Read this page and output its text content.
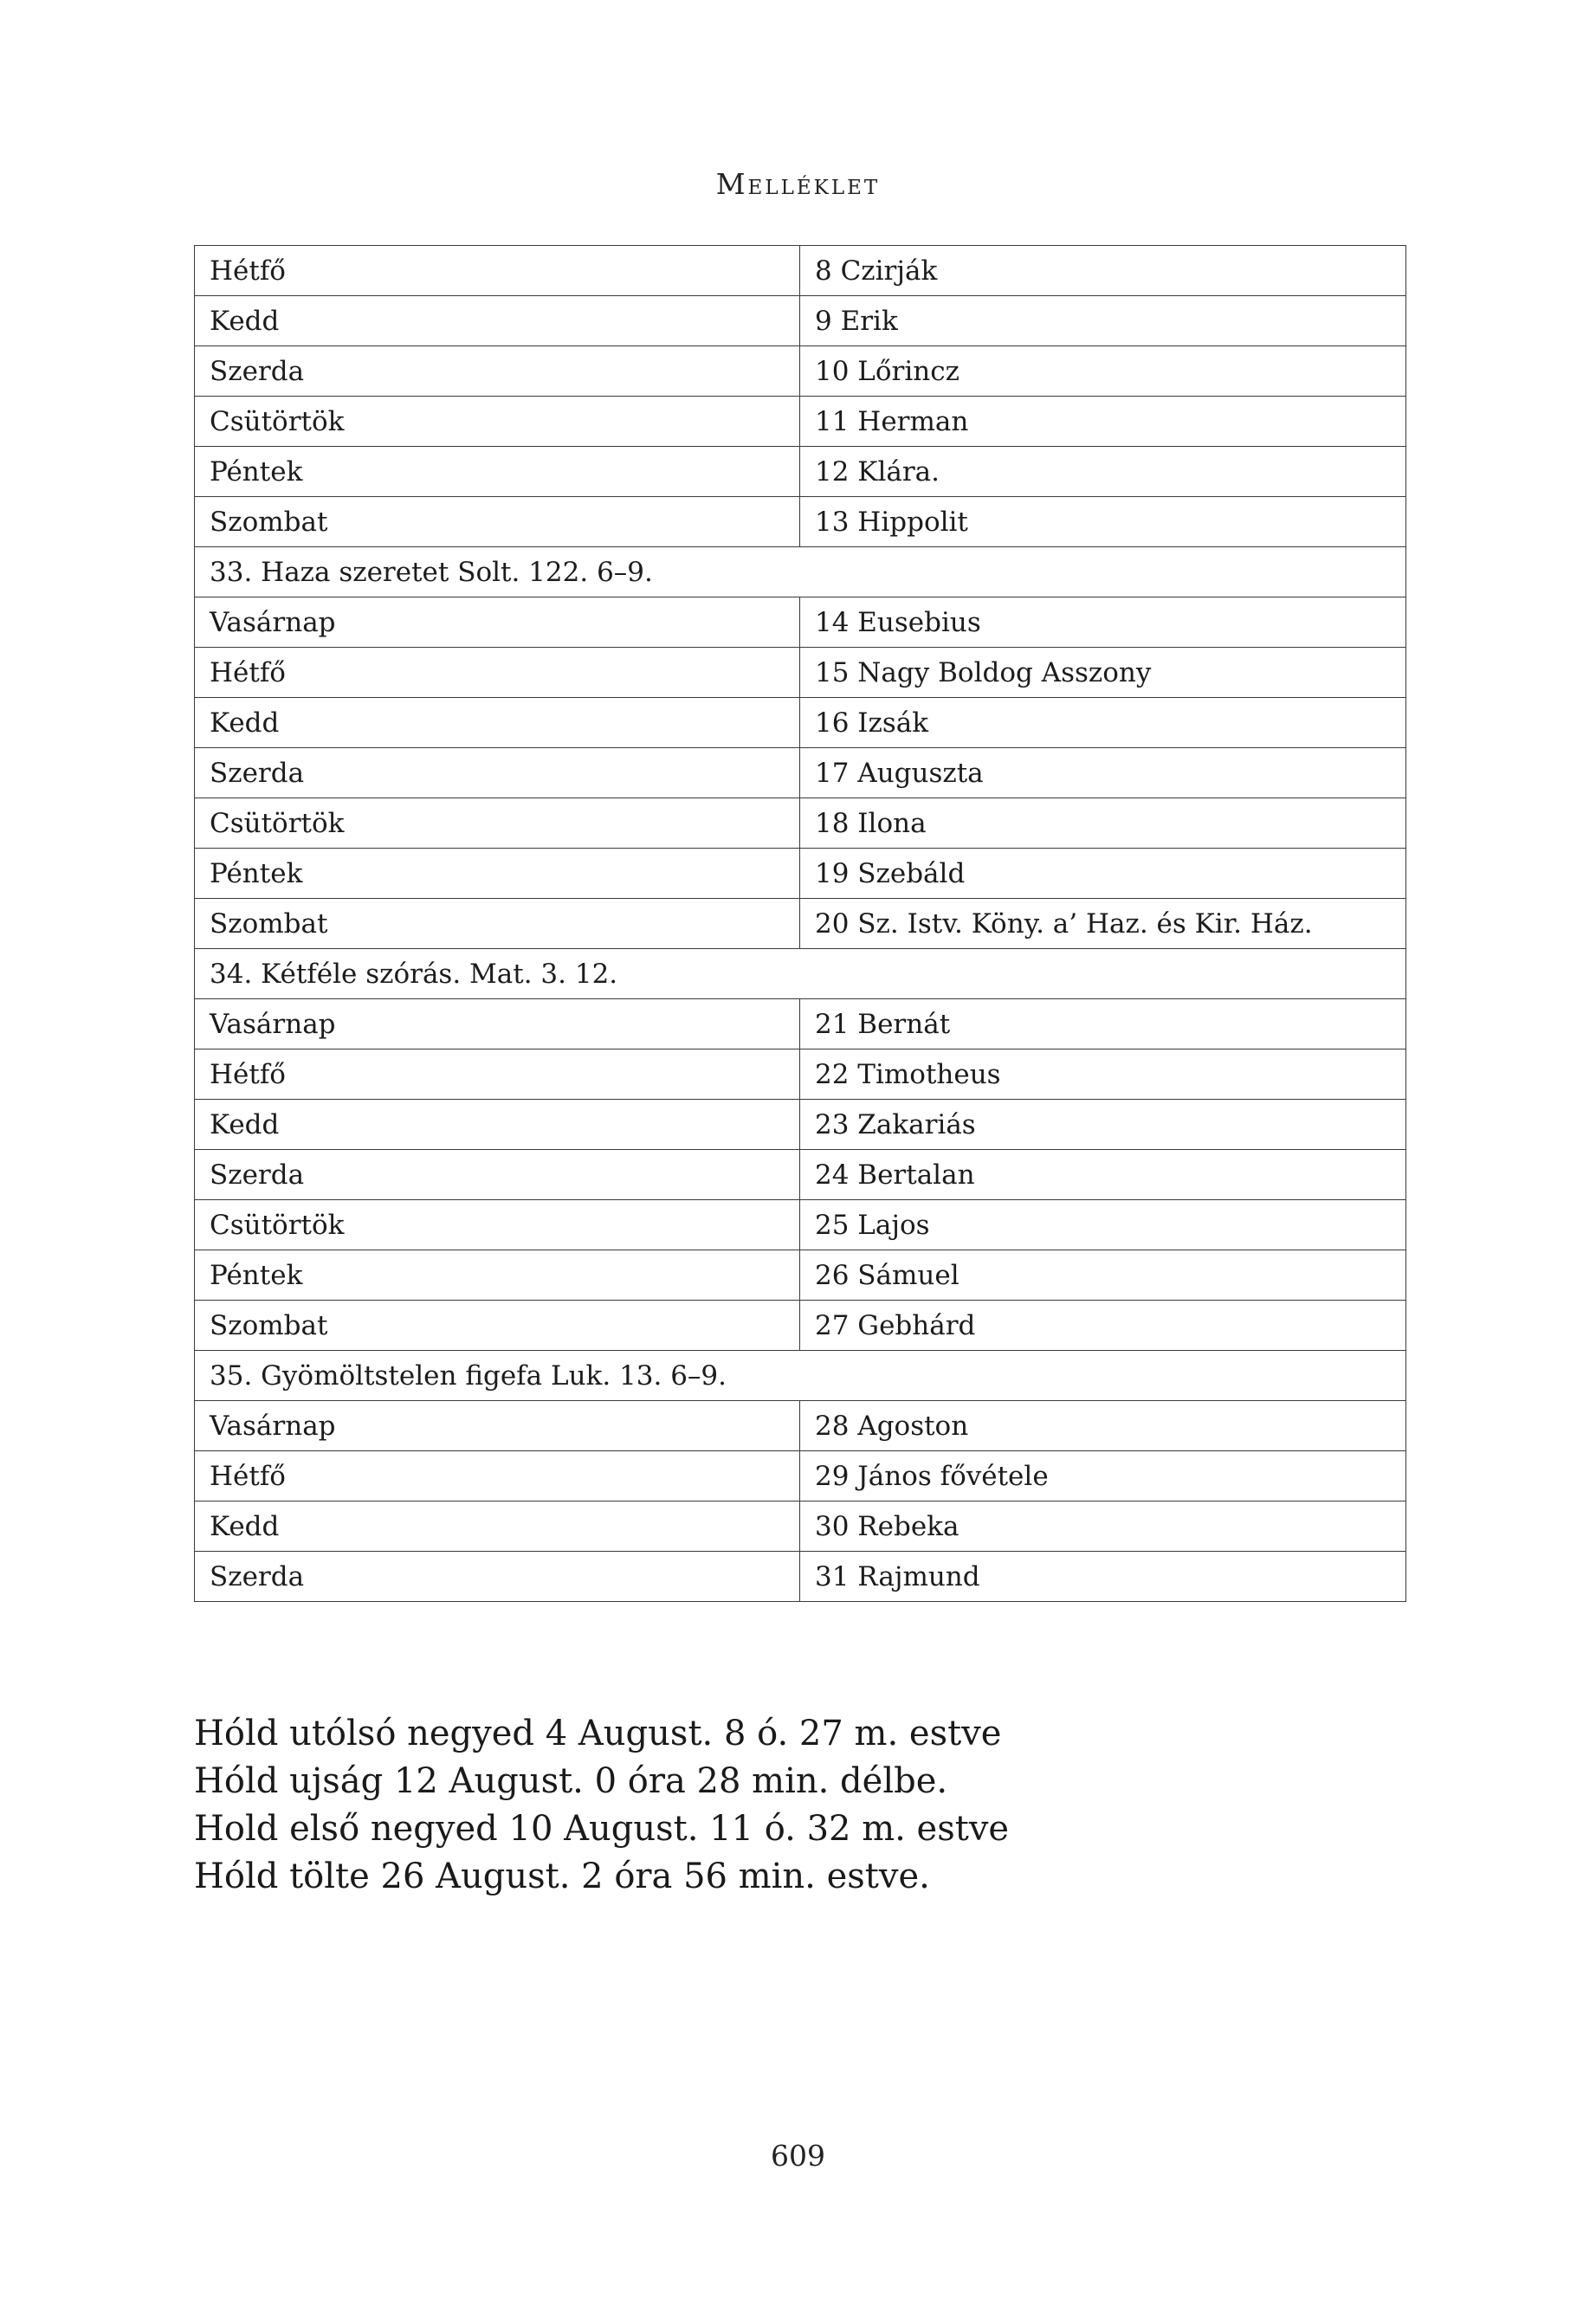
Melléklet
Hétfő	8 Czirják
Kedd	9 Erik
Szerda	10 Lőrincz
Csütörtök	11 Herman
Péntek	12 Klára.
Szombat	13 Hippolit
33. Haza szeretet Solt. 122. 6–9.	
Vasárnap	14 Eusebius
Hétfő	15 Nagy Boldog Asszony
Kedd	16 Izsák
Szerda	17 Auguszta
Csütörtök	18 Ilona
Péntek	19 Szebáld
Szombat	20 Sz. Istv. Köny. a’ Haz. és Kir. Ház.
34. Kétféle szórás. Mat. 3. 12.	
Vasárnap	21 Bernát
Hétfő	22 Timotheus
Kedd	23 Zakariás
Szerda	24 Bertalan
Csütörtök	25 Lajos
Péntek	26 Sámuel
Szombat	27 Gebhárd
35. Gyömöltstelen figefa Luk. 13. 6–9.	
Vasárnap	28 Agoston
Hétfő	29 János fővétele
Kedd	30 Rebeka
Szerda	31 Rajmund
Hóld utólsó negyed 4 August. 8 ó. 27 m. estve
Hóld ujság 12 August. 0 óra 28 min. délbe.
Hold első negyed 10 August. 11 ó. 32 m. estve
Hóld tölte 26 August. 2 óra 56 min. estve.
609
